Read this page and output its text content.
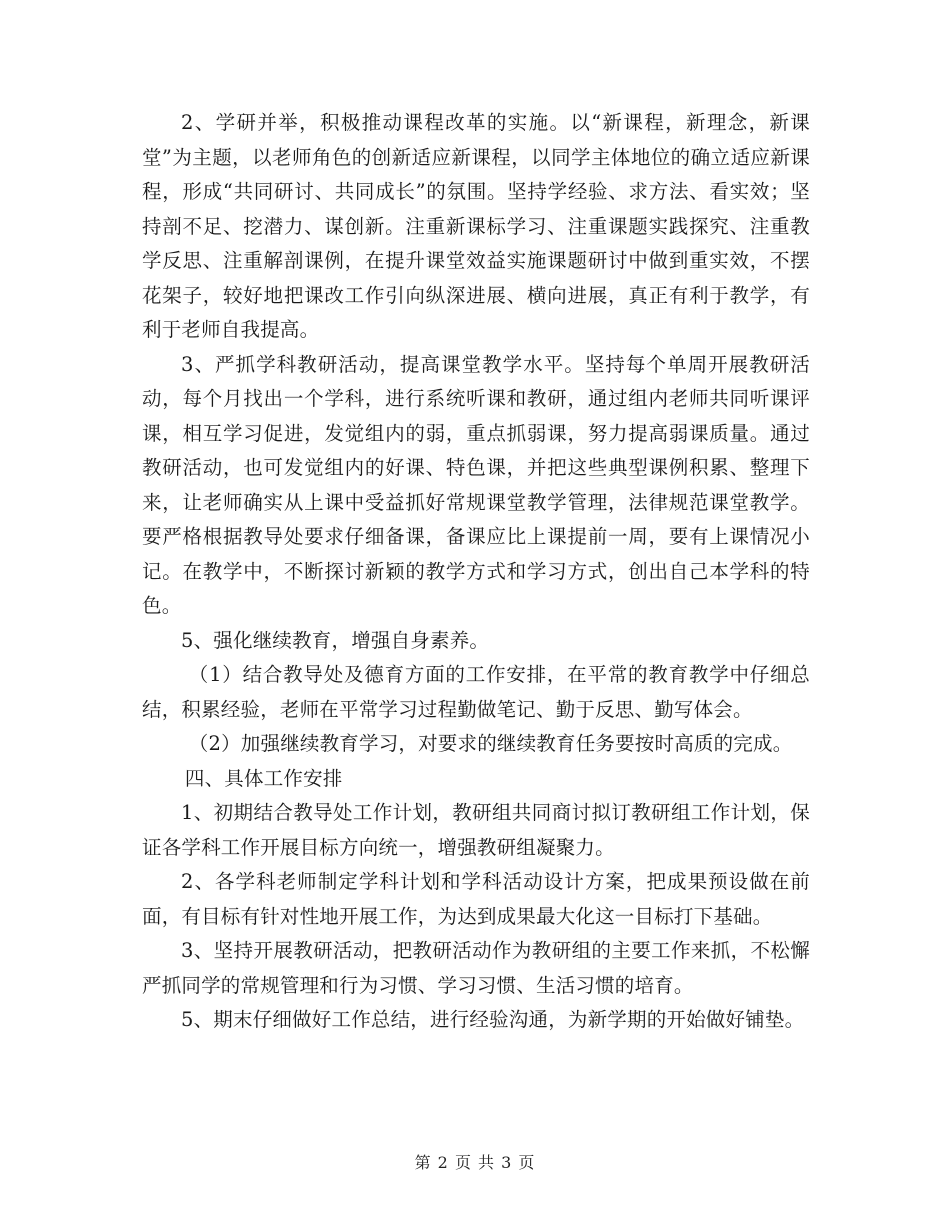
2、学研并举，积极推动课程改革的实施。以“新课程，新理念，新课堂”为主题，以老师角色的创新适应新课程，以同学主体地位的确立适应新课程，形成“共同研讨、共同成长”的氛围。坚持学经验、求方法、看实效；坚持剖不足、挖潜力、谋创新。注重新课标学习、注重课题实践探究、注重教学反思、注重解剖课例，在提升课堂效益实施课题研讨中做到重实效，不摆花架子，较好地把课改工作引向纵深进展、横向进展，真正有利于教学，有利于老师自我提高。

3、严抓学科教研活动，提高课堂教学水平。坚持每个单周开展教研活动，每个月找出一个学科，进行系统听课和教研，通过组内老师共同听课评课，相互学习促进，发觉组内的弱，重点抓弱课，努力提高弱课质量。通过教研活动，也可发觉组内的好课、特色课，并把这些典型课例积累、整理下来，让老师确实从上课中受益抓好常规课堂教学管理，法律规范课堂教学。要严格根据教导处要求仔细备课，备课应比上课提前一周，要有上课情况小记。在教学中，不断探讨新颖的教学方式和学习方式，创出自己本学科的特色。

5、强化继续教育，增强自身素养。

（1）结合教导处及德育方面的工作安排，在平常的教育教学中仔细总结，积累经验，老师在平常学习过程勤做笔记、勤于反思、勤写体会。

（2）加强继续教育学习，对要求的继续教育任务要按时高质的完成。

四、具体工作安排

1、初期结合教导处工作计划，教研组共同商讨拟订教研组工作计划，保证各学科工作开展目标方向统一，增强教研组凝聚力。

2、各学科老师制定学科计划和学科活动设计方案，把成果预设做在前面，有目标有针对性地开展工作，为达到成果最大化这一目标打下基础。

3、坚持开展教研活动，把教研活动作为教研组的主要工作来抓，不松懈严抓同学的常规管理和行为习惯、学习习惯、生活习惯的培育。

5、期末仔细做好工作总结，进行经验沟通，为新学期的开始做好铺垫。

第 2 页 共 3 页
